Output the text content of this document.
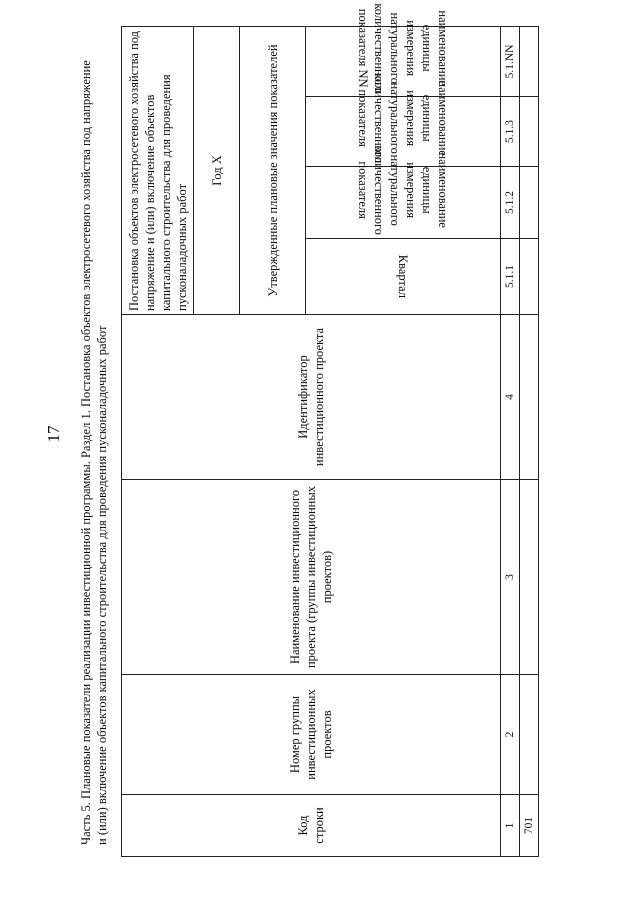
17 Часть 5. Плановые показатели реализации инвестиционной программы. Раздел 1. Постановка объектов электросетевого хозяйства под напряжение и (или) включение объектов капитального строительства для проведения пусконаладочных работ	Код строки	Номер группы инвестиционных проектов	Наименование инвестиционного проекта (группы инвестиционных проектов)	Идентификатор инвестиционного проекта	Постановка объектов электросетевого хозяйства под напряжение и (или) включение объектов капитального строительства для проведения пусконаладочных работ			
				Год X			
				Утвержденные плановые значения показателей			
				Квартал	наименование единицы измерения натурального количественного показателя	наименование единицы измерения натурального количественного показателя	наименование единицы измерения натурального количественного показателя NN
1	2	3	4	5.1.1	5.1.2	5.1.3	5.1.NN
701							
